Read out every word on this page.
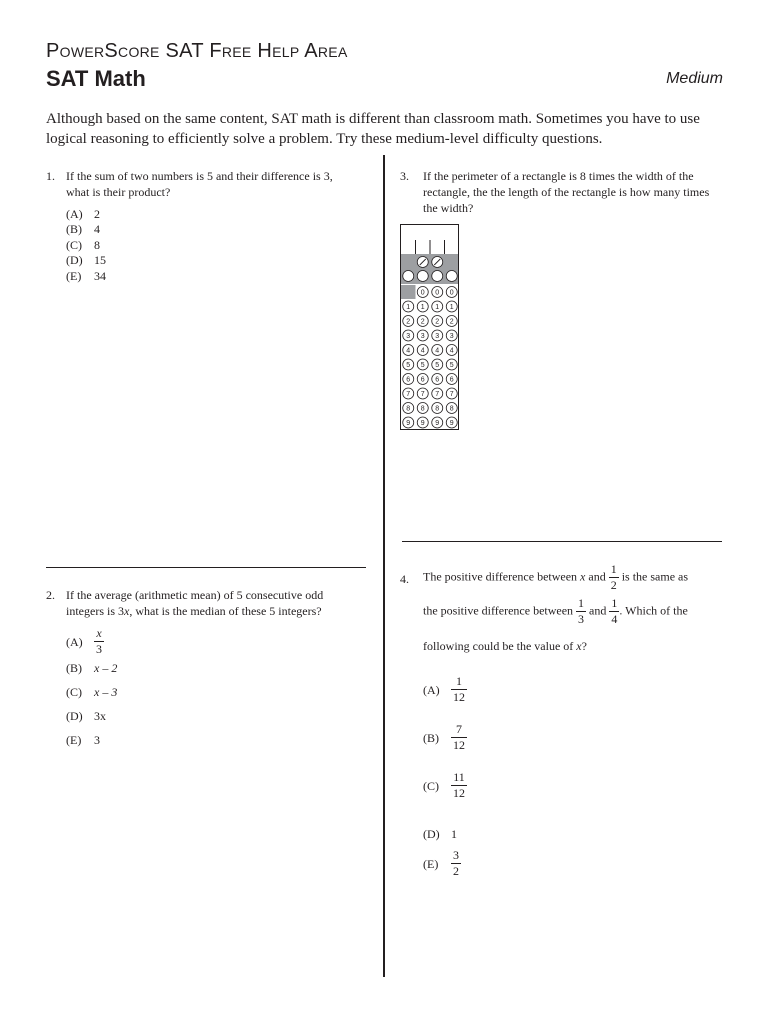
PowerScore SAT Free Help Area
SAT Math	Medium
Although based on the same content, SAT math is different than classroom math. Sometimes you have to use logical reasoning to efficiently solve a problem. Try these medium-level difficulty questions.
1. If the sum of two numbers is 5 and their difference is 3,
what is their product?
(A) 2
(B) 4
(C) 8
(D) 15
(E) 34
2. If the average (arithmetic mean) of 5 consecutive odd
integers is 3x, what is the median of these 5 integers?
$(A) \frac{x}{3}$
(B) x – 2
(C) x – 3
(D) 3x
(E) 3
3. If the perimeter of a rectangle is 8 times the width of the
rectangle, the the length of the rectangle is how many times
the width?
0 0 0
1 1 1 1
2 2 2 2
3 3 3 3
4 4 4 4
5 5 5 5
6 6 6 6
7 7 7 7
8 8 8 8
9 9 9 9
4. The positive difference between x and $\frac{1}{2}$ is the same as
the positive difference between $\frac{1}{3}$ and $\frac{1}{4}$ . Which of the
following could be the value of x?
$(A) \frac{1}{12}$
$(B) \frac{7}{12}$
$(C) \frac{11}{12}$
(D) 1
$(E) \frac{3}{2}$
